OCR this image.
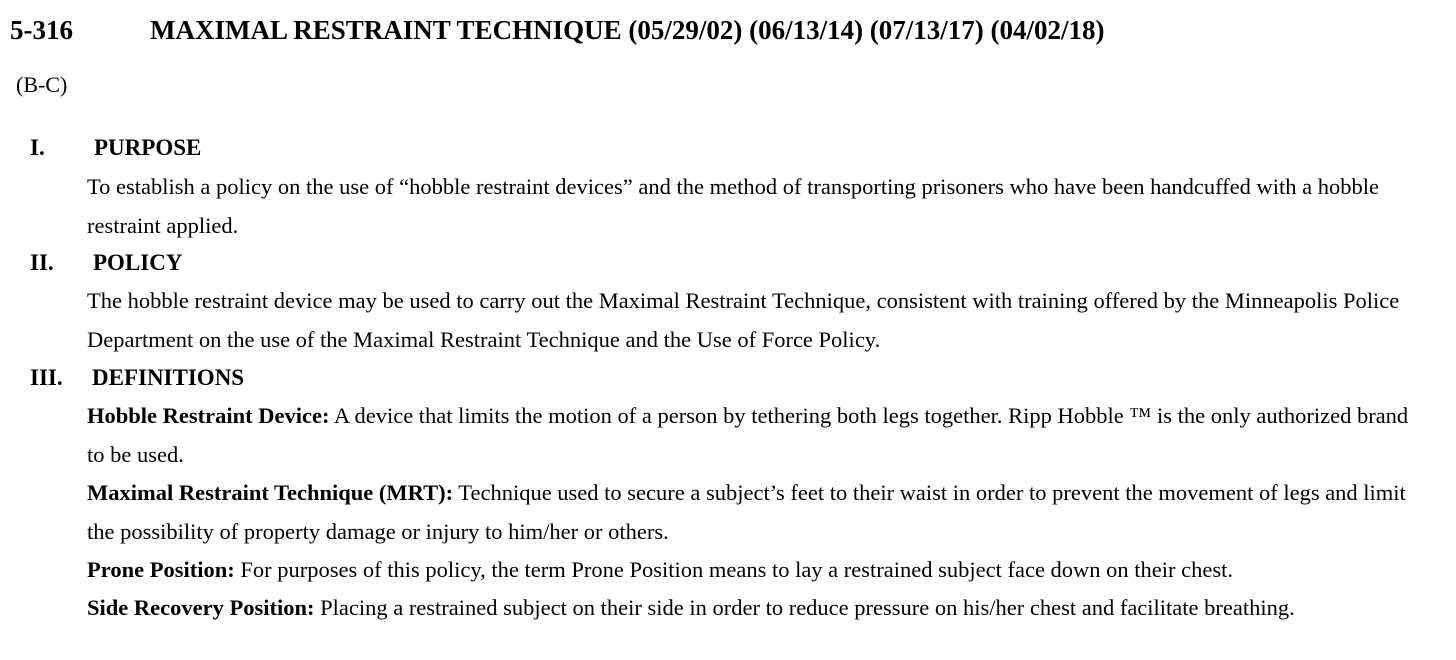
5-316	MAXIMAL RESTRAINT TECHNIQUE (05/29/02) (06/13/14) (07/13/17) (04/02/18)
(B-C)
I. PURPOSE
To establish a policy on the use of “hobble restraint devices” and the method of transporting prisoners who have been handcuffed with a hobble restraint applied.
II. POLICY
The hobble restraint device may be used to carry out the Maximal Restraint Technique, consistent with training offered by the Minneapolis Police Department on the use of the Maximal Restraint Technique and the Use of Force Policy.
III. DEFINITIONS
Hobble Restraint Device: A device that limits the motion of a person by tethering both legs together. Ripp Hobble ™ is the only authorized brand to be used.
Maximal Restraint Technique (MRT): Technique used to secure a subject’s feet to their waist in order to prevent the movement of legs and limit the possibility of property damage or injury to him/her or others.
Prone Position: For purposes of this policy, the term Prone Position means to lay a restrained subject face down on their chest.
Side Recovery Position: Placing a restrained subject on their side in order to reduce pressure on his/her chest and facilitate breathing.
